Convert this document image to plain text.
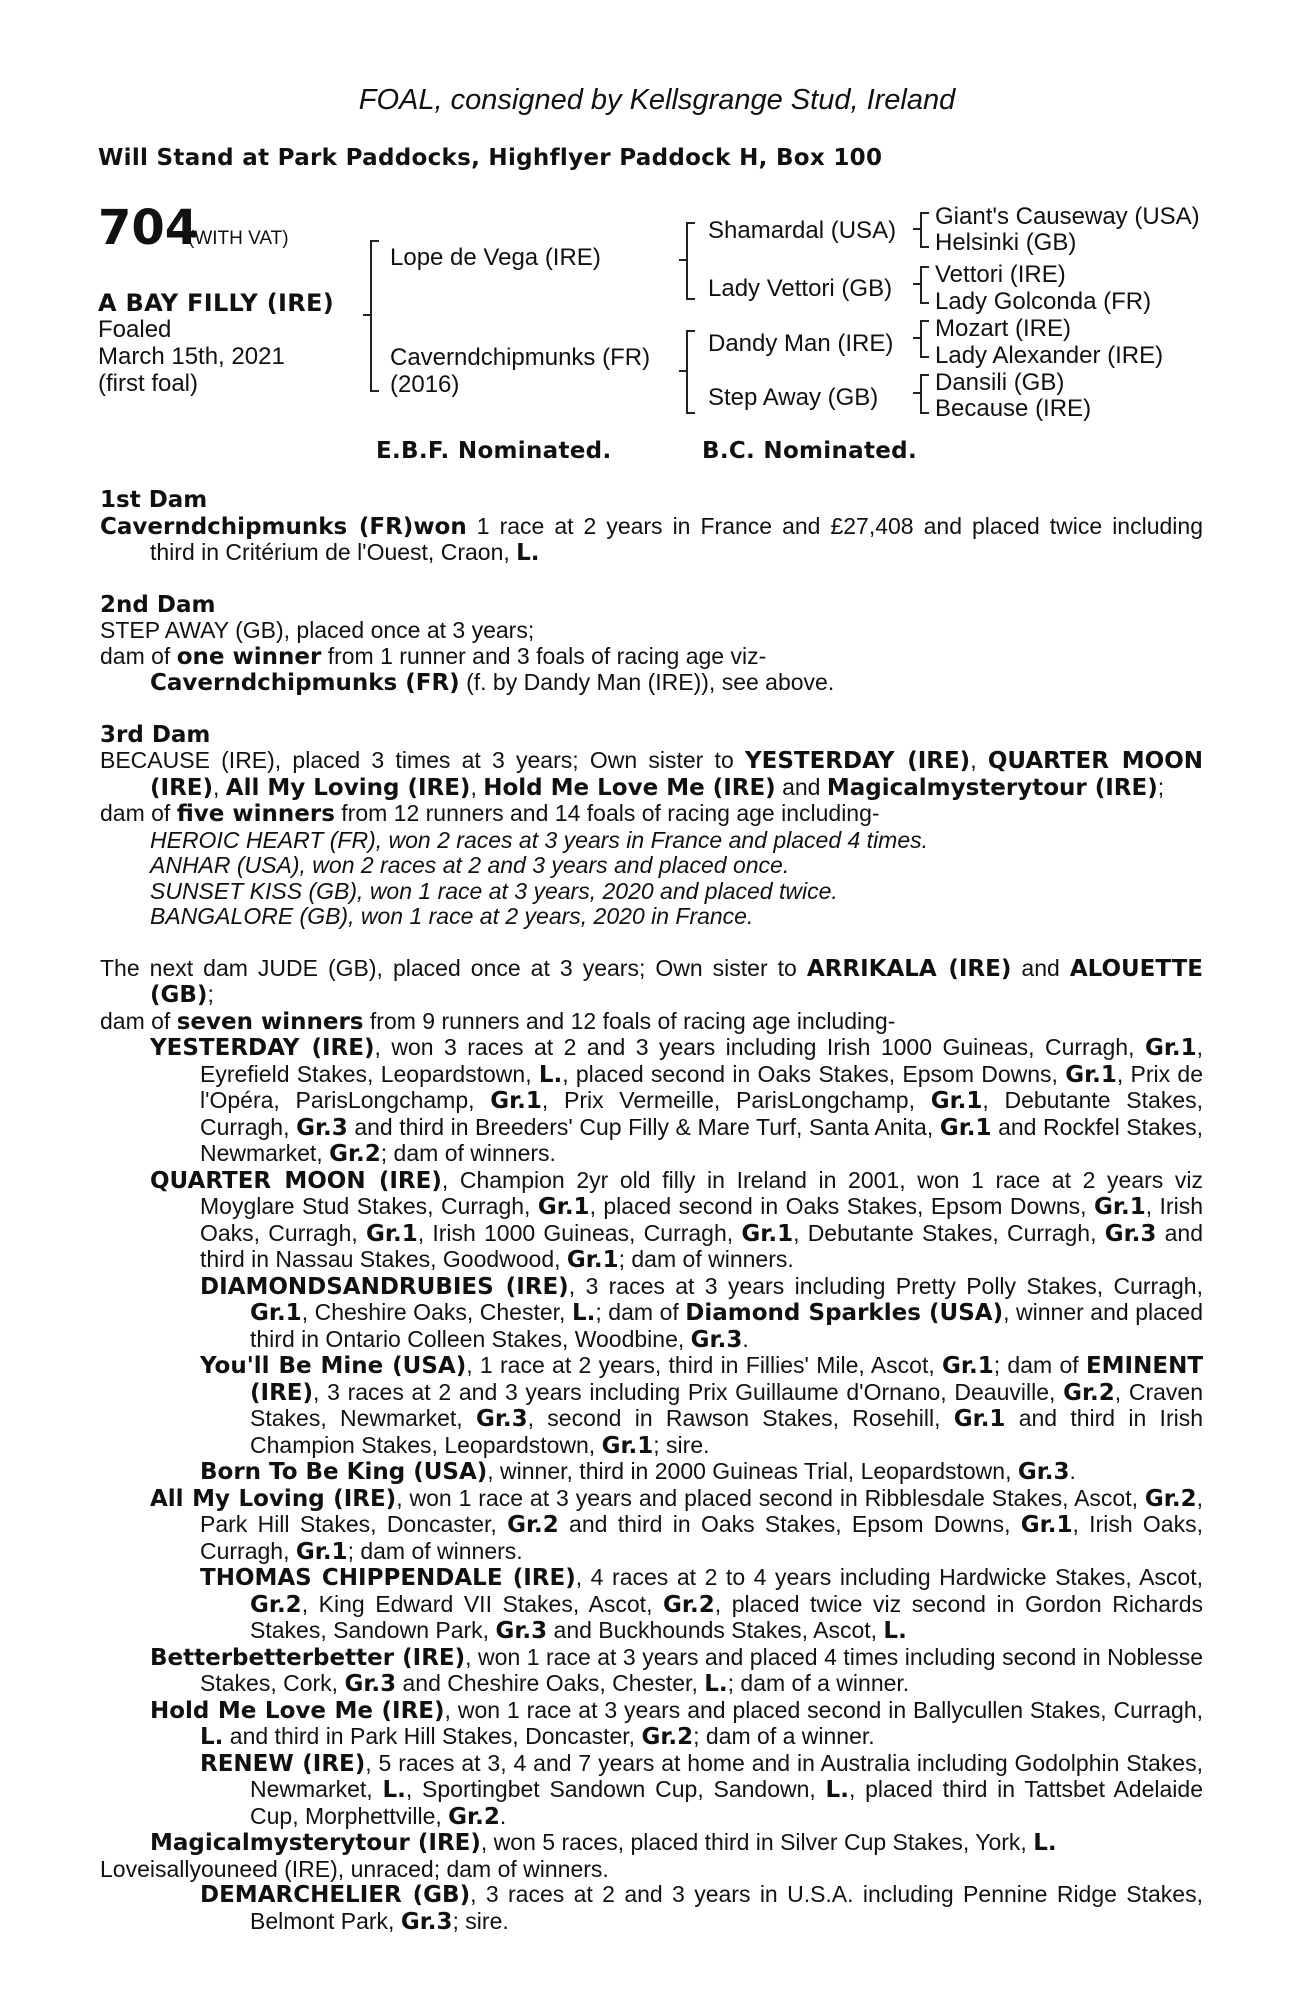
FOAL, consigned by Kellsgrange Stud, Ireland
Will Stand at Park Paddocks, Highflyer Paddock H, Box 100
704
(WITH VAT)
A BAY FILLY (IRE)
Foaled
March 15th, 2021
(first foal)
Lope de Vega (IRE)
Caverndchipmunks (FR)
(2016)
Shamardal (USA)
Lady Vettori (GB)
Dandy Man (IRE)
Step Away (GB)
Giant's Causeway (USA)
Helsinki (GB)
Vettori (IRE)
Lady Golconda (FR)
Mozart (IRE)
Lady Alexander (IRE)
Dansili (GB)
Because (IRE)
E.B.F. Nominated.	B.C. Nominated.

1st Dam

Caverndchipmunks (FR)won 1 race at 2 years in France and £27,408 and placed twice including third in Critérium de l'Ouest, Craon, L.

2nd Dam

STEP AWAY (GB), placed once at 3 years;

dam of one winner from 1 runner and 3 foals of racing age viz-

Caverndchipmunks (FR) (f. by Dandy Man (IRE)), see above.

3rd Dam

BECAUSE (IRE), placed 3 times at 3 years; Own sister to YESTERDAY (IRE), QUARTER MOON (IRE), All My Loving (IRE), Hold Me Love Me (IRE) and Magicalmysterytour (IRE);

dam of five winners from 12 runners and 14 foals of racing age including-

HEROIC HEART (FR), won 2 races at 3 years in France and placed 4 times.

ANHAR (USA), won 2 races at 2 and 3 years and placed once.

SUNSET KISS (GB), won 1 race at 3 years, 2020 and placed twice.

BANGALORE (GB), won 1 race at 2 years, 2020 in France.

The next dam JUDE (GB), placed once at 3 years; Own sister to ARRIKALA (IRE) and ALOUETTE (GB);

dam of seven winners from 9 runners and 12 foals of racing age including-

YESTERDAY (IRE), won 3 races at 2 and 3 years including Irish 1000 Guineas, Curragh, Gr.1, Eyrefield Stakes, Leopardstown, L., placed second in Oaks Stakes, Epsom Downs, Gr.1, Prix de l'Opéra, ParisLongchamp, Gr.1, Prix Vermeille, ParisLongchamp, Gr.1, Debutante Stakes, Curragh, Gr.3 and third in Breeders' Cup Filly & Mare Turf, Santa Anita, Gr.1 and Rockfel Stakes, Newmarket, Gr.2; dam of winners.

QUARTER MOON (IRE), Champion 2yr old filly in Ireland in 2001, won 1 race at 2 years viz Moyglare Stud Stakes, Curragh, Gr.1, placed second in Oaks Stakes, Epsom Downs, Gr.1, Irish Oaks, Curragh, Gr.1, Irish 1000 Guineas, Curragh, Gr.1, Debutante Stakes, Curragh, Gr.3 and third in Nassau Stakes, Goodwood, Gr.1; dam of winners.

DIAMONDSANDRUBIES (IRE), 3 races at 3 years including Pretty Polly Stakes, Curragh, Gr.1, Cheshire Oaks, Chester, L.; dam of Diamond Sparkles (USA), winner and placed third in Ontario Colleen Stakes, Woodbine, Gr.3.

You'll Be Mine (USA), 1 race at 2 years, third in Fillies' Mile, Ascot, Gr.1; dam of EMINENT (IRE), 3 races at 2 and 3 years including Prix Guillaume d'Ornano, Deauville, Gr.2, Craven Stakes, Newmarket, Gr.3, second in Rawson Stakes, Rosehill, Gr.1 and third in Irish Champion Stakes, Leopardstown, Gr.1; sire.

Born To Be King (USA), winner, third in 2000 Guineas Trial, Leopardstown, Gr.3.

All My Loving (IRE), won 1 race at 3 years and placed second in Ribblesdale Stakes, Ascot, Gr.2, Park Hill Stakes, Doncaster, Gr.2 and third in Oaks Stakes, Epsom Downs, Gr.1, Irish Oaks, Curragh, Gr.1; dam of winners.

THOMAS CHIPPENDALE (IRE), 4 races at 2 to 4 years including Hardwicke Stakes, Ascot, Gr.2, King Edward VII Stakes, Ascot, Gr.2, placed twice viz second in Gordon Richards Stakes, Sandown Park, Gr.3 and Buckhounds Stakes, Ascot, L.

Betterbetterbetter (IRE), won 1 race at 3 years and placed 4 times including second in Noblesse Stakes, Cork, Gr.3 and Cheshire Oaks, Chester, L.; dam of a winner.

Hold Me Love Me (IRE), won 1 race at 3 years and placed second in Ballycullen Stakes, Curragh, L. and third in Park Hill Stakes, Doncaster, Gr.2; dam of a winner.

RENEW (IRE), 5 races at 3, 4 and 7 years at home and in Australia including Godolphin Stakes, Newmarket, L., Sportingbet Sandown Cup, Sandown, L., placed third in Tattsbet Adelaide Cup, Morphettville, Gr.2.

Magicalmysterytour (IRE), won 5 races, placed third in Silver Cup Stakes, York, L.

Loveisallyouneed (IRE), unraced; dam of winners.

DEMARCHELIER (GB), 3 races at 2 and 3 years in U.S.A. including Pennine Ridge Stakes, Belmont Park, Gr.3; sire.
